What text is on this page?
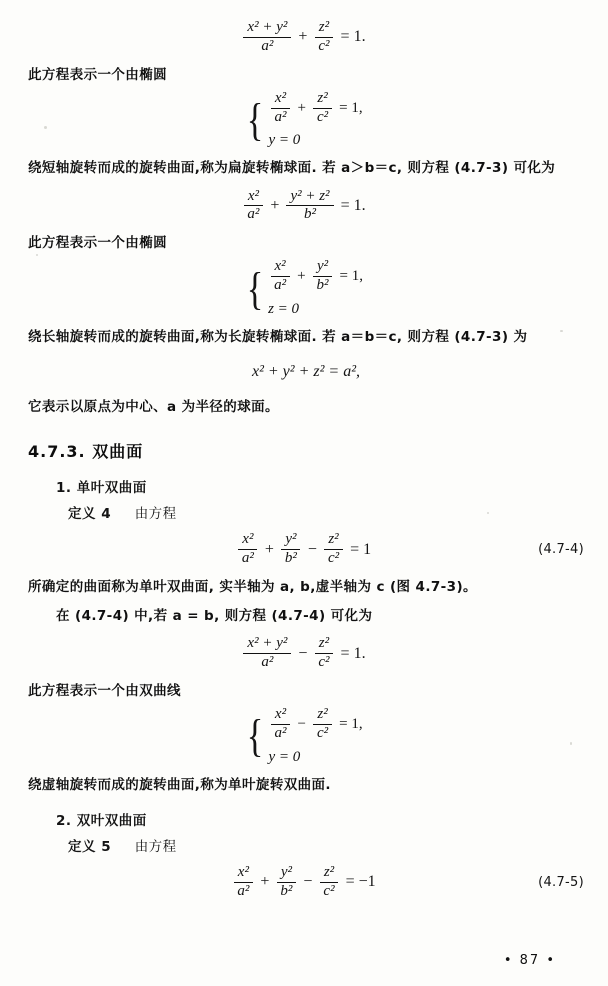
$\frac{\text{x² + y²}}{\text{a²}} + \frac{\text{z²}}{\text{c²}} = 1$.
此方程表示一个由椭圆
{ $\frac{\text{x²}}{\text{a²}} + \frac{\text{z²}}{\text{c²}} = 1$,
y = 0
绕短轴旋转而成的旋转曲面,称为扁旋转椭球面. 若 a＞b＝c, 则方程 (4.7-3) 可化为
$\frac{\text{x²}}{\text{a²}} + \frac{\text{y² + z²}}{\text{b²}} = 1$.
此方程表示一个由椭圆
{ $\frac{\text{x²}}{\text{a²}} + \frac{\text{y²}}{\text{b²}} = 1$,
z = 0
绕长轴旋转而成的旋转曲面,称为长旋转椭球面. 若 a＝b＝c, 则方程 (4.7-3) 为
x² + y² + z² = a²,
它表示以原点为中心、a 为半径的球面。
4.7.3. 双曲面
1. 单叶双曲面
定义 4 由方程
$\frac{\text{x²}}{\text{a²}} + \frac{\text{y²}}{\text{b²}} - \frac{\text{z²}}{\text{c²}} = 1$	(4.7-4)
所确定的曲面称为单叶双曲面, 实半轴为 a, b,虚半轴为 c (图 4.7-3)。
在 (4.7-4) 中,若 a = b, 则方程 (4.7-4) 可化为
$\frac{\text{x² + y²}}{\text{a²}} - \frac{\text{z²}}{\text{c²}} = 1$.
此方程表示一个由双曲线
{ $\frac{\text{x²}}{\text{a²}} - \frac{\text{z²}}{\text{c²}} = 1$,
y = 0
绕虚轴旋转而成的旋转曲面,称为单叶旋转双曲面.
2. 双叶双曲面
定义 5 由方程
$\frac{\text{x²}}{\text{a²}} + \frac{\text{y²}}{\text{b²}} - \frac{\text{z²}}{\text{c²}} = -1$	(4.7-5)
• 87 •
